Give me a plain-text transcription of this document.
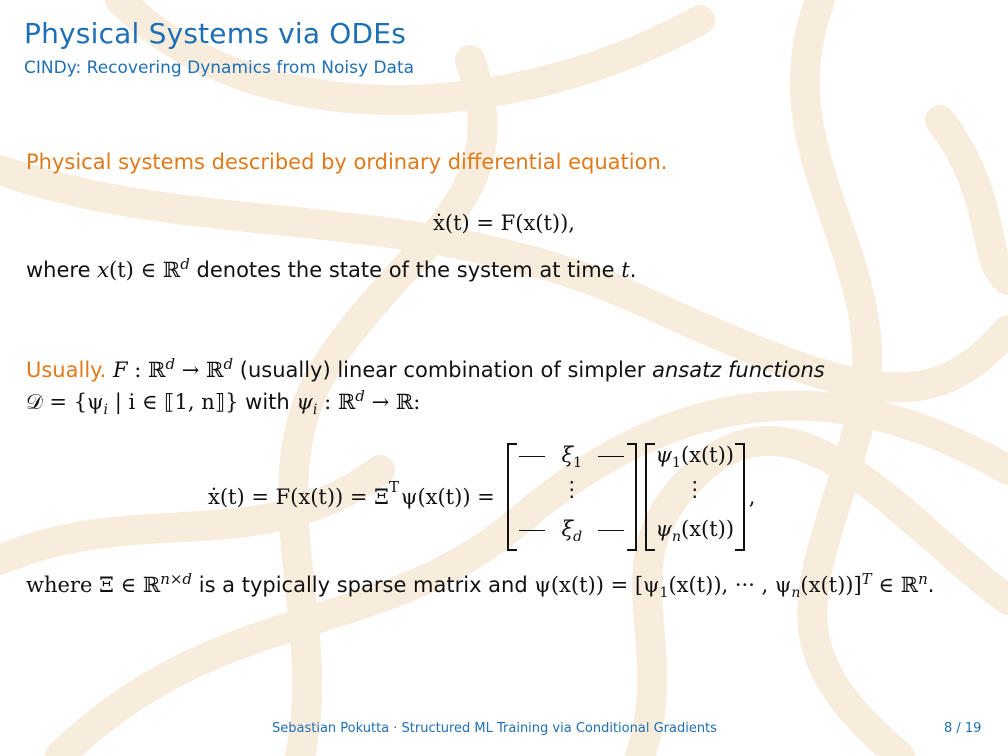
Physical Systems via ODEs
CINDy: Recovering Dynamics from Noisy Data
Physical systems described by ordinary differential equation.
ẋ(t) = F(x(t)),
where x(t) ∈ ℝ$^d$ denotes the state of the system at time t.
Usually. F : ℝ$^d$ → ℝ$^d$ (usually) linear combination of simpler ansatz functions
𝒟 = {$\psi_i$ | i ∈ ⟦1, n⟧} with $\psi_i$ : ℝ$^d$ → ℝ:
ẋ(t) = $F(x(t)) = \Xi^T$ ψ(x(t)) =
$\xi_1$
⋮
$\xi_d$
$\psi_1(x(t))$
⋮
$\psi_n(x(t))$
,
where Ξ ∈ ℝ$^{n\times d}$ is a typically sparse matrix and $\psi(x(t)) = [\psi_1(x(t))$, ··· , $\psi_n(x(t))]^T$ ∈ ℝ$^n$.
Sebastian Pokutta · Structured ML Training via Conditional Gradients	8 / 19
